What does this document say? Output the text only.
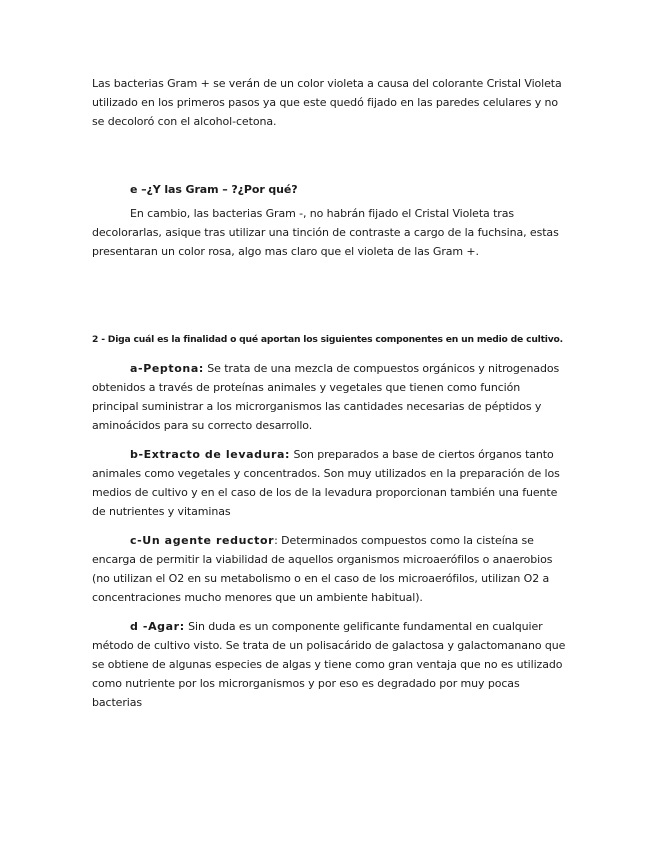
Las bacterias Gram + se verán de un color violeta a causa del colorante Cristal Violeta utilizado en los primeros pasos ya que este quedó fijado en las paredes celulares y no se decoloró con el alcohol-cetona.

e –¿Y las Gram – ?¿Por qué?

En cambio, las bacterias Gram -, no habrán fijado el Cristal Violeta tras decolorarlas, asique tras utilizar una tinción de contraste a cargo de la fuchsina, estas presentaran un color rosa, algo mas claro que el violeta de las Gram +.

2 - Diga cuál es la finalidad o qué aportan los siguientes componentes en un medio de cultivo.

a-Peptona: Se trata de una mezcla de compuestos orgánicos y nitrogenados obtenidos a través de proteínas animales y vegetales que tienen como función principal suministrar a los microrganismos las cantidades necesarias de péptidos y aminoácidos para su correcto desarrollo.

b-Extracto de levadura: Son preparados a base de ciertos órganos tanto animales como vegetales y concentrados. Son muy utilizados en la preparación de los medios de cultivo y en el caso de los de la levadura proporcionan también una fuente de nutrientes y vitaminas

c-Un agente reductor: Determinados compuestos como la cisteína se encarga de permitir la viabilidad de aquellos organismos microaerófilos o anaerobios (no utilizan el O2 en su metabolismo o en el caso de los microaerófilos, utilizan O2 a concentraciones mucho menores que un ambiente habitual).

d -Agar: Sin duda es un componente gelificante fundamental en cualquier método de cultivo visto. Se trata de un polisacárido de galactosa y galactomanano que se obtiene de algunas especies de algas y tiene como gran ventaja que no es utilizado como nutriente por los microrganismos y por eso es degradado por muy pocas bacterias
